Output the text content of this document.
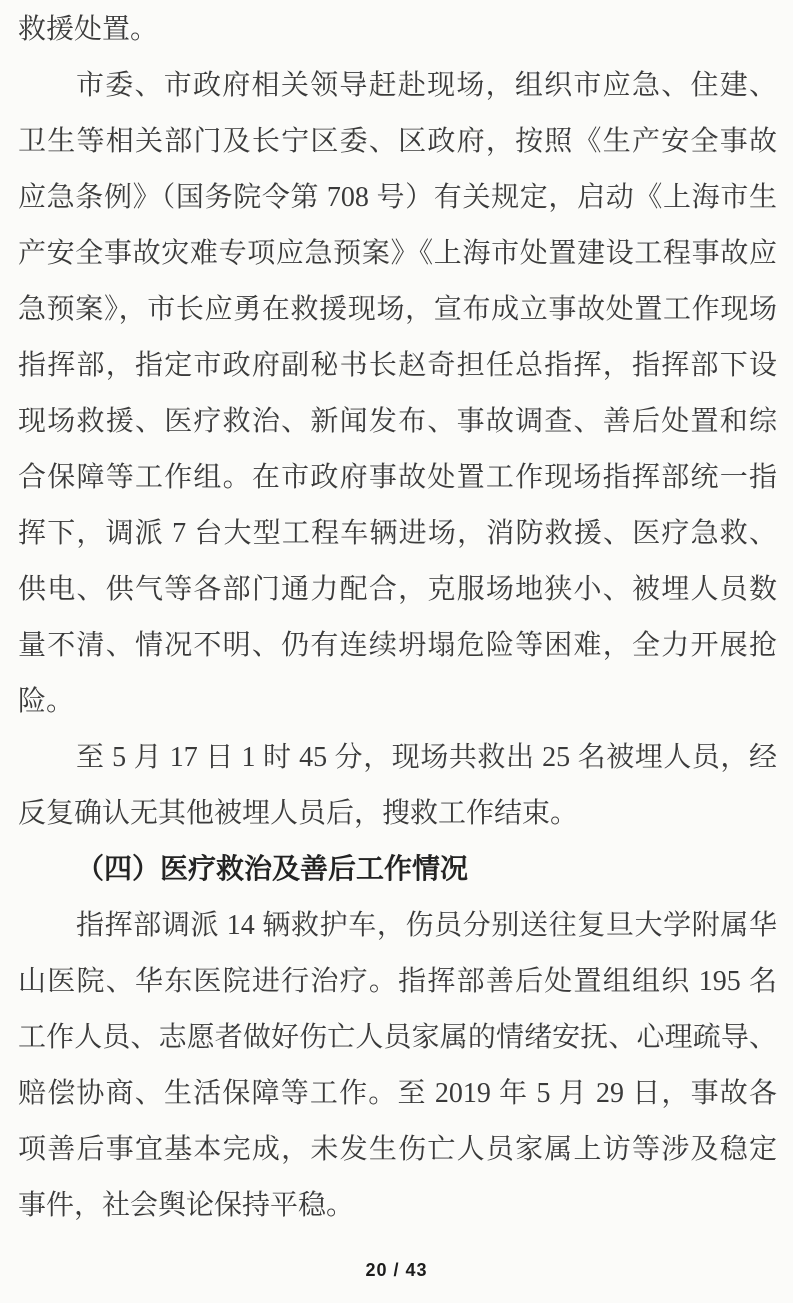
救援处置。
市委、市政府相关领导赶赴现场，组织市应急、住建、
卫生等相关部门及长宁区委、区政府，按照《生产安全事故
应急条例》（国务院令第 708 号）有关规定，启动《上海市生
产安全事故灾难专项应急预案》《上海市处置建设工程事故应
急预案》，市长应勇在救援现场，宣布成立事故处置工作现场
指挥部，指定市政府副秘书长赵奇担任总指挥，指挥部下设
现场救援、医疗救治、新闻发布、事故调查、善后处置和综
合保障等工作组。在市政府事故处置工作现场指挥部统一指
挥下，调派 7 台大型工程车辆进场，消防救援、医疗急救、
供电、供气等各部门通力配合，克服场地狭小、被埋人员数
量不清、情况不明、仍有连续坍塌危险等困难，全力开展抢
险。
至 5 月 17 日 1 时 45 分，现场共救出 25 名被埋人员，经
反复确认无其他被埋人员后，搜救工作结束。
（四）医疗救治及善后工作情况
指挥部调派 14 辆救护车，伤员分别送往复旦大学附属华
山医院、华东医院进行治疗。指挥部善后处置组组织 195 名
工作人员、志愿者做好伤亡人员家属的情绪安抚、心理疏导、
赔偿协商、生活保障等工作。至 2019 年 5 月 29 日，事故各
项善后事宜基本完成，未发生伤亡人员家属上访等涉及稳定
事件，社会舆论保持平稳。
20 / 43
